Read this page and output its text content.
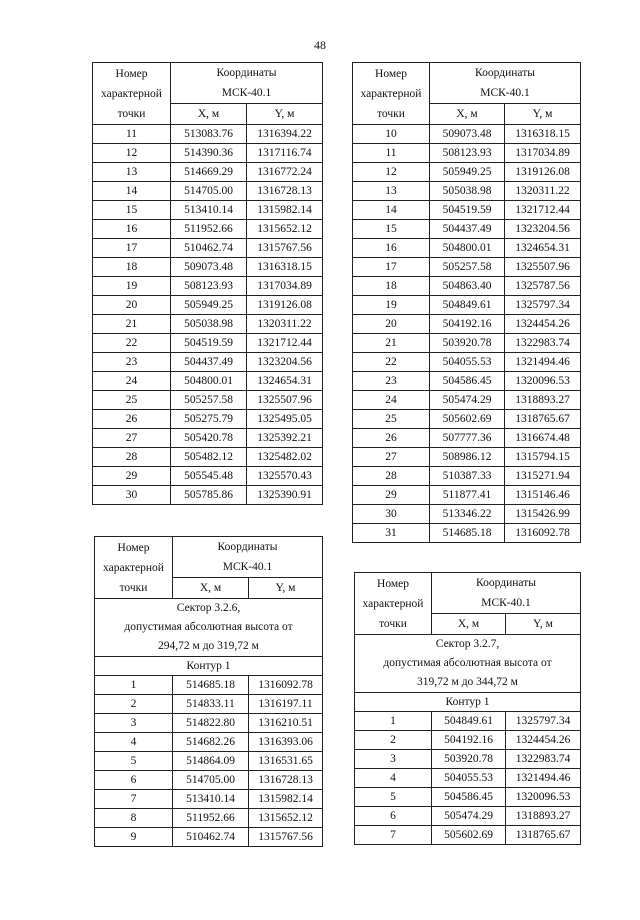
48
Номер
характерной
точки	Координаты
МСК-40.1	
	X, м	Y, м
11	513083.76	1316394.22
12	514390.36	1317116.74
13	514669.29	1316772.24
14	514705.00	1316728.13
15	513410.14	1315982.14
16	511952.66	1315652.12
17	510462.74	1315767.56
18	509073.48	1316318.15
19	508123.93	1317034.89
20	505949.25	1319126.08
21	505038.98	1320311.22
22	504519.59	1321712.44
23	504437.49	1323204.56
24	504800.01	1324654.31
25	505257.58	1325507.96
26	505275.79	1325495.05
27	505420.78	1325392.21
28	505482.12	1325482.02
29	505545.48	1325570.43
30	505785.86	1325390.91
Номер
характерной
точки	Координаты
МСК-40.1	
	X, м	Y, м
10	509073.48	1316318.15
11	508123.93	1317034.89
12	505949.25	1319126.08
13	505038.98	1320311.22
14	504519.59	1321712.44
15	504437.49	1323204.56
16	504800.01	1324654.31
17	505257.58	1325507.96
18	504863.40	1325787.56
19	504849.61	1325797.34
20	504192.16	1324454.26
21	503920.78	1322983.74
22	504055.53	1321494.46
23	504586.45	1320096.53
24	505474.29	1318893.27
25	505602.69	1318765.67
26	507777.36	1316674.48
27	508986.12	1315794.15
28	510387.33	1315271.94
29	511877.41	1315146.46
30	513346.22	1315426.99
31	514685.18	1316092.78
Номер
характерной
точки	Координаты
МСК-40.1	
	X, м	Y, м
Сектор 3.2.6,
допустимая абсолютная высота от
294,72 м до 319,72 м		
Контур 1		
1	514685.18	1316092.78
2	514833.11	1316197.11
3	514822.80	1316210.51
4	514682.26	1316393.06
5	514864.09	1316531.65
6	514705.00	1316728.13
7	513410.14	1315982.14
8	511952.66	1315652.12
9	510462.74	1315767.56
Номер
характерной
точки	Координаты
МСК-40.1	
	X, м	Y, м
Сектор 3.2.7,
допустимая абсолютная высота от
319,72 м до 344,72 м		
Контур 1		
1	504849.61	1325797.34
2	504192.16	1324454.26
3	503920.78	1322983.74
4	504055.53	1321494.46
5	504586.45	1320096.53
6	505474.29	1318893.27
7	505602.69	1318765.67
